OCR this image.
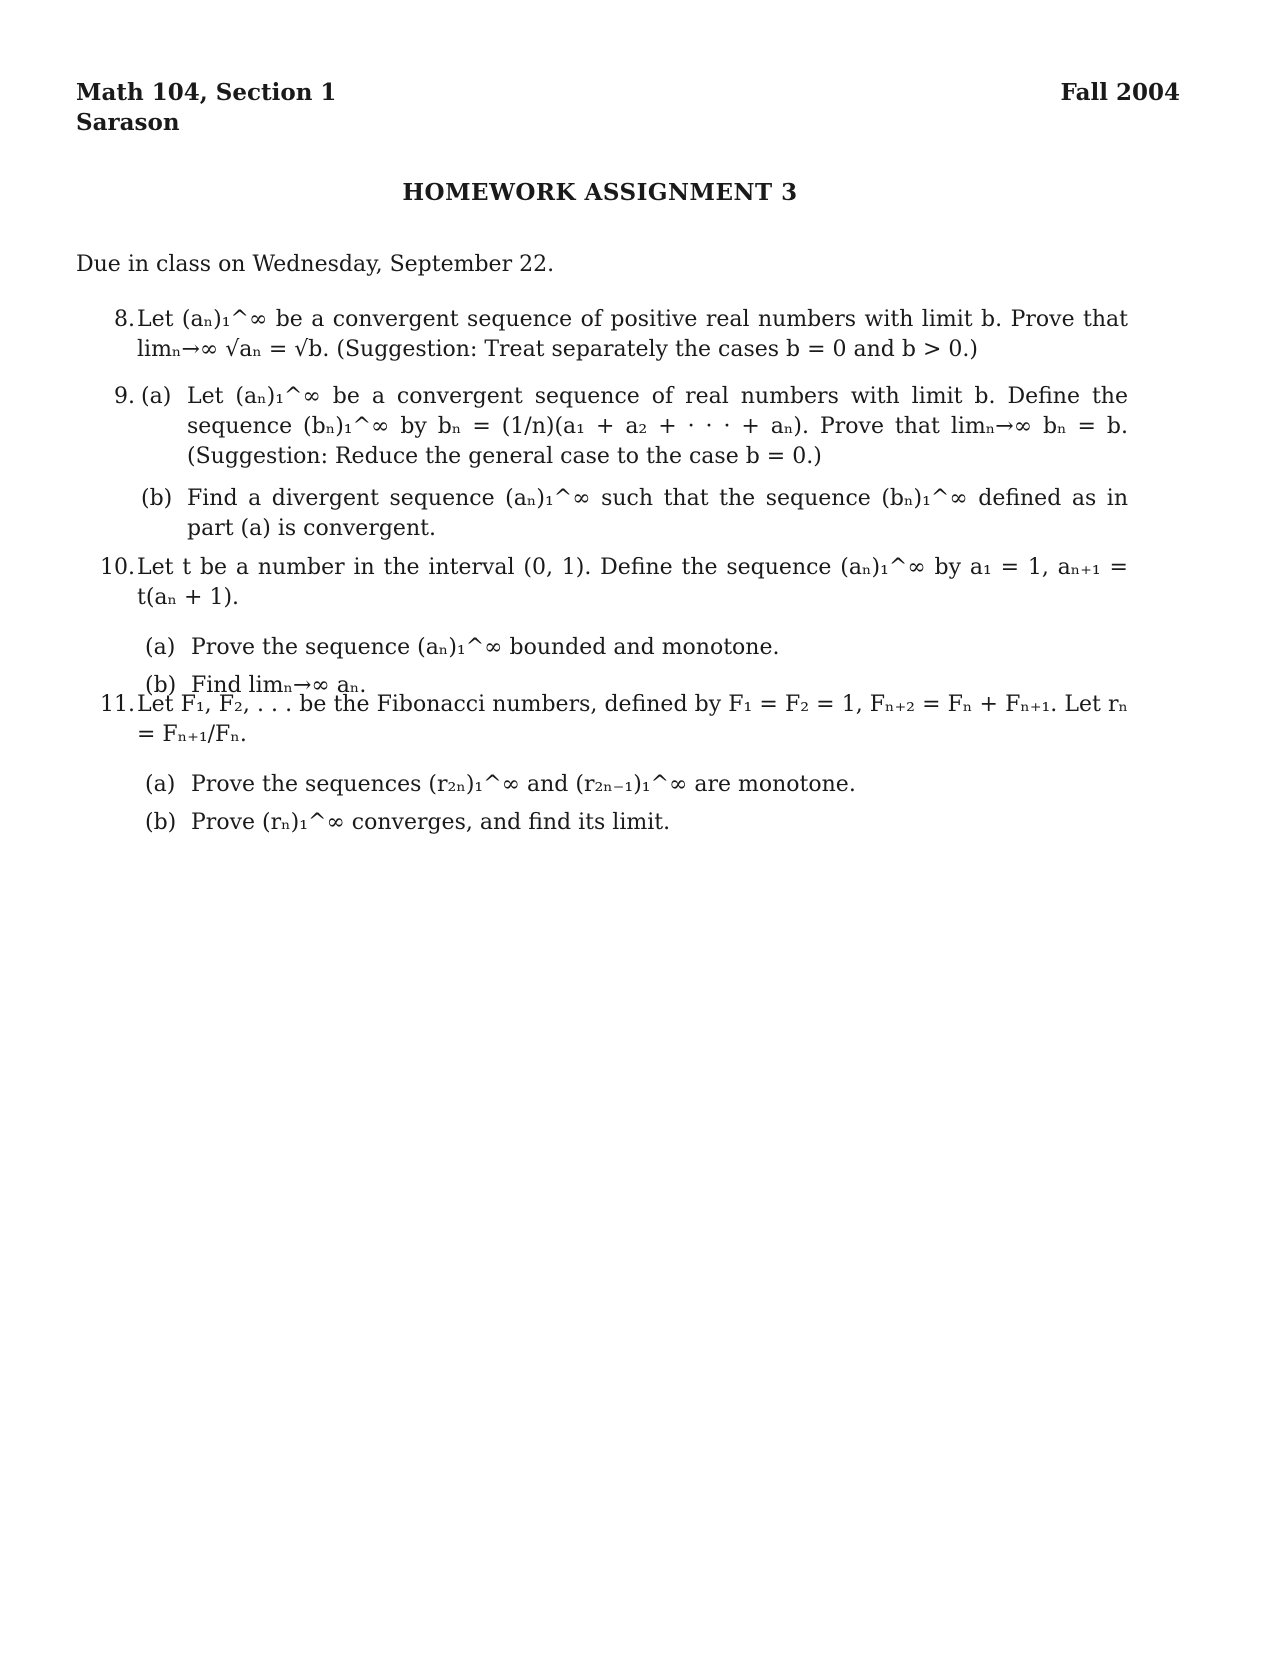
Math 104, Section 1
Sarason
Fall 2004
HOMEWORK ASSIGNMENT 3
Due in class on Wednesday, September 22.
8. Let (aₙ)₁^∞ be a convergent sequence of positive real numbers with limit b. Prove that limₙ→∞ √aₙ = √b. (Suggestion: Treat separately the cases b = 0 and b > 0.)
9. (a) Let (aₙ)₁^∞ be a convergent sequence of real numbers with limit b. Define the sequence (bₙ)₁^∞ by bₙ = (1/n)(a₁ + a₂ + · · · + aₙ). Prove that limₙ→∞ bₙ = b. (Suggestion: Reduce the general case to the case b = 0.)
(b) Find a divergent sequence (aₙ)₁^∞ such that the sequence (bₙ)₁^∞ defined as in part (a) is convergent.
10. Let t be a number in the interval (0, 1). Define the sequence (aₙ)₁^∞ by a₁ = 1, aₙ₊₁ = t(aₙ + 1).
(a) Prove the sequence (aₙ)₁^∞ bounded and monotone.
(b) Find limₙ→∞ aₙ.
11. Let F₁, F₂, . . . be the Fibonacci numbers, defined by F₁ = F₂ = 1, Fₙ₊₂ = Fₙ + Fₙ₊₁. Let rₙ = Fₙ₊₁/Fₙ.
(a) Prove the sequences (r₂ₙ)₁^∞ and (r₂ₙ₋₁)₁^∞ are monotone.
(b) Prove (rₙ)₁^∞ converges, and find its limit.
